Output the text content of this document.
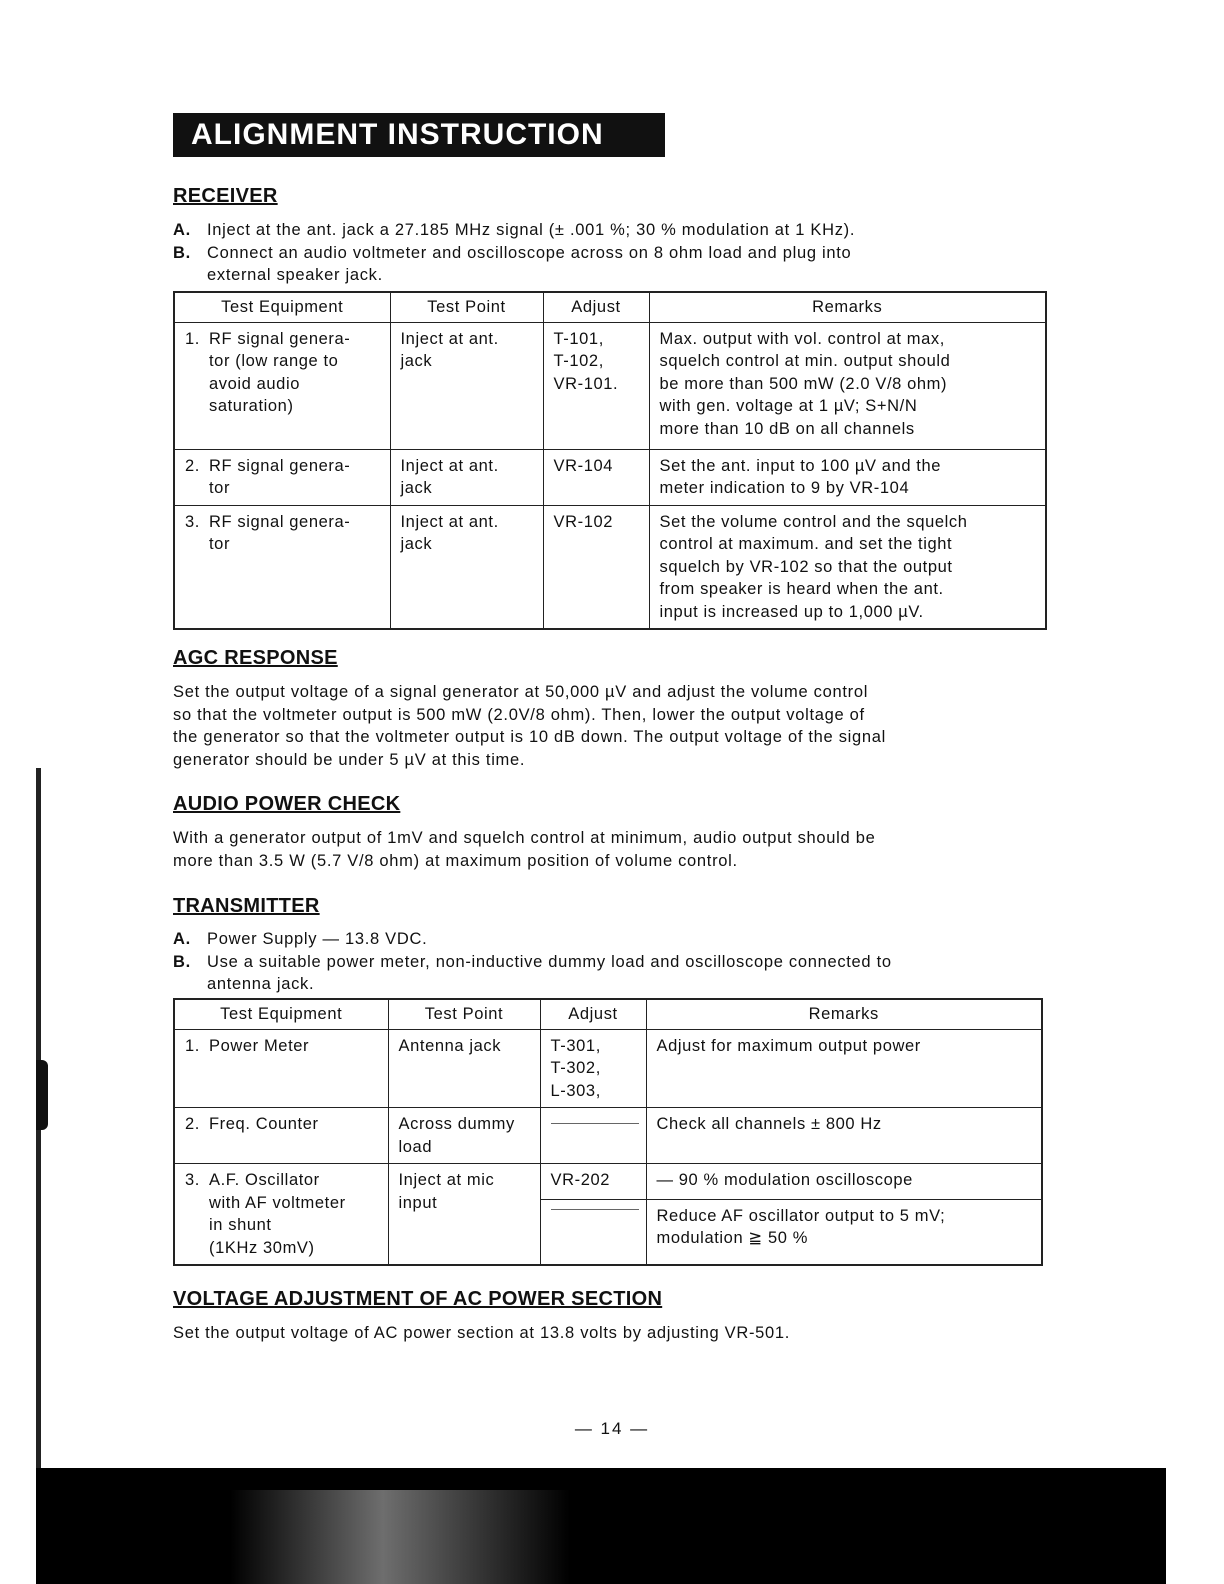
ALIGNMENT INSTRUCTION
RECEIVER
A. Inject at the ant. jack a 27.185 MHz signal (± .001 %; 30 % modulation at 1 KHz).
B. Connect an audio voltmeter and oscilloscope across on 8 ohm load and plug into
external speaker jack.
Test Equipment	Test Point	Adjust	Remarks

1. RF signal genera-
tor (low range to
avoid audio
saturation)	Inject at ant.
jack	T-101,
T-102,
VR-101.	Max. output with vol. control at max,
squelch control at min. output should
be more than 500 mW (2.0 V/8 ohm)
with gen. voltage at 1 µV; S+N/N
more than 10 dB on all channels

2. RF signal genera-
tor	Inject at ant.
jack	VR-104	Set the ant. input to 100 µV and the
meter indication to 9 by VR-104

3. RF signal genera-
tor	Inject at ant.
jack	VR-102	Set the volume control and the squelch
control at maximum. and set the tight
squelch by VR-102 so that the output
from speaker is heard when the ant.
input is increased up to 1,000 µV.
AGC RESPONSE
Set the output voltage of a signal generator at 50,000 µV and adjust the volume control
so that the voltmeter output is 500 mW (2.0V/8 ohm). Then, lower the output voltage of
the generator so that the voltmeter output is 10 dB down. The output voltage of the signal
generator should be under 5 µV at this time.
AUDIO POWER CHECK
With a generator output of 1mV and squelch control at minimum, audio output should be
more than 3.5 W (5.7 V/8 ohm) at maximum position of volume control.
TRANSMITTER
A. Power Supply — 13.8 VDC.
B. Use a suitable power meter, non-inductive dummy load and oscilloscope connected to
antenna jack.
Test Equipment	Test Point	Adjust	Remarks

1. Power Meter	Antenna jack	T-301,
T-302,
L-303,	Adjust for maximum output power

2. Freq. Counter	Across dummy
load		Check all channels ± 800 Hz

3. A.F. Oscillator
with AF voltmeter
in shunt
(1KHz 30mV)	Inject at mic
input	VR-202	— 90 % modulation oscilloscope

			Reduce AF oscillator output to 5 mV;
modulation ≧ 50 %
VOLTAGE ADJUSTMENT OF AC POWER SECTION
Set the output voltage of AC power section at 13.8 volts by adjusting VR-501.
— 14 —
